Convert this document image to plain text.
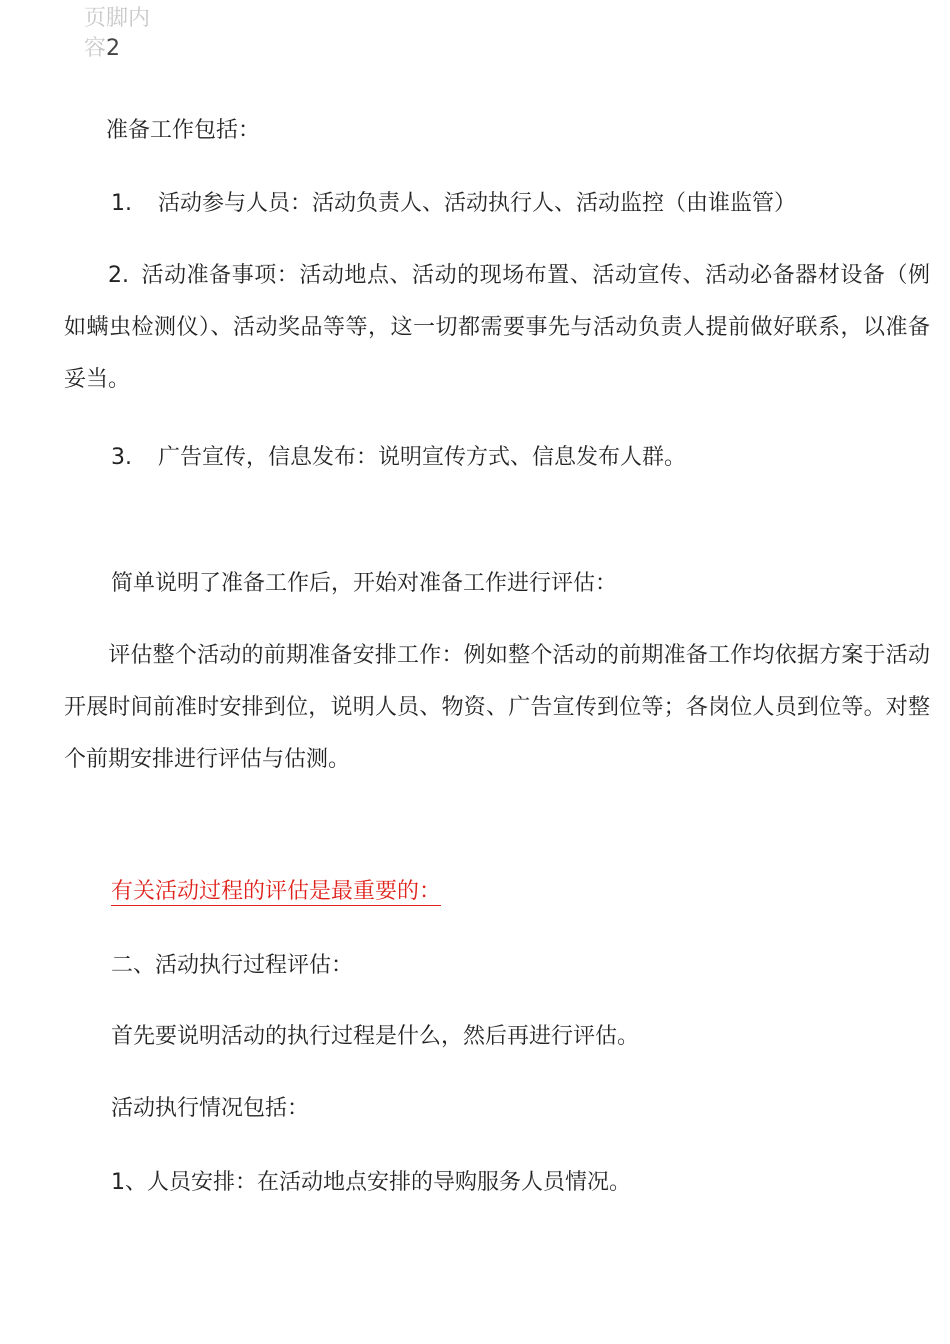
页脚内
容2
准备工作包括：
1. 活动参与人员：活动负责人、活动执行人、活动监控（由谁监管）
2. 活动准备事项：活动地点、活动的现场布置、活动宣传、活动必备器材设备（例如螨虫检测仪）、活动奖品等等，这一切都需要事先与活动负责人提前做好联系，以准备妥当。
3. 广告宣传，信息发布：说明宣传方式、信息发布人群。
简单说明了准备工作后，开始对准备工作进行评估：
评估整个活动的前期准备安排工作：例如整个活动的前期准备工作均依据方案于活动开展时间前准时安排到位，说明人员、物资、广告宣传到位等；各岗位人员到位等。对整个前期安排进行评估与估测。
有关活动过程的评估是最重要的：
二、活动执行过程评估：
首先要说明活动的执行过程是什么，然后再进行评估。
活动执行情况包括：
1、人员安排：在活动地点安排的导购服务人员情况。
